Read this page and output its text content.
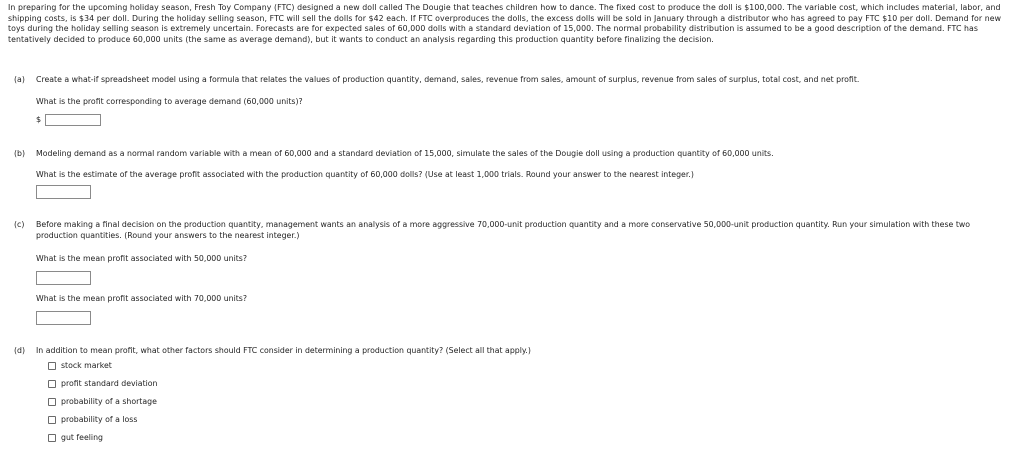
In preparing for the upcoming holiday season, Fresh Toy Company (FTC) designed a new doll called The Dougie that teaches children how to dance. The fixed cost to produce the doll is $100,000. The variable cost, which includes material, labor, and shipping costs, is $34 per doll. During the holiday selling season, FTC will sell the dolls for $42 each. If FTC overproduces the dolls, the excess dolls will be sold in January through a distributor who has agreed to pay FTC $10 per doll. Demand for new toys during the holiday selling season is extremely uncertain. Forecasts are for expected sales of 60,000 dolls with a standard deviation of 15,000. The normal probability distribution is assumed to be a good description of the demand. FTC has tentatively decided to produce 60,000 units (the same as average demand), but it wants to conduct an analysis regarding this production quantity before finalizing the decision.
(a) Create a what-if spreadsheet model using a formula that relates the values of production quantity, demand, sales, revenue from sales, amount of surplus, revenue from sales of surplus, total cost, and net profit.
What is the profit corresponding to average demand (60,000 units)?
$
(b) Modeling demand as a normal random variable with a mean of 60,000 and a standard deviation of 15,000, simulate the sales of the Dougie doll using a production quantity of 60,000 units.
What is the estimate of the average profit associated with the production quantity of 60,000 dolls? (Use at least 1,000 trials. Round your answer to the nearest integer.)
(c) Before making a final decision on the production quantity, management wants an analysis of a more aggressive 70,000-unit production quantity and a more conservative 50,000-unit production quantity. Run your simulation with these two production quantities. (Round your answers to the nearest integer.)
What is the mean profit associated with 50,000 units?
What is the mean profit associated with 70,000 units?
(d) In addition to mean profit, what other factors should FTC consider in determining a production quantity? (Select all that apply.)
stock market
profit standard deviation
probability of a shortage
probability of a loss
gut feeling
